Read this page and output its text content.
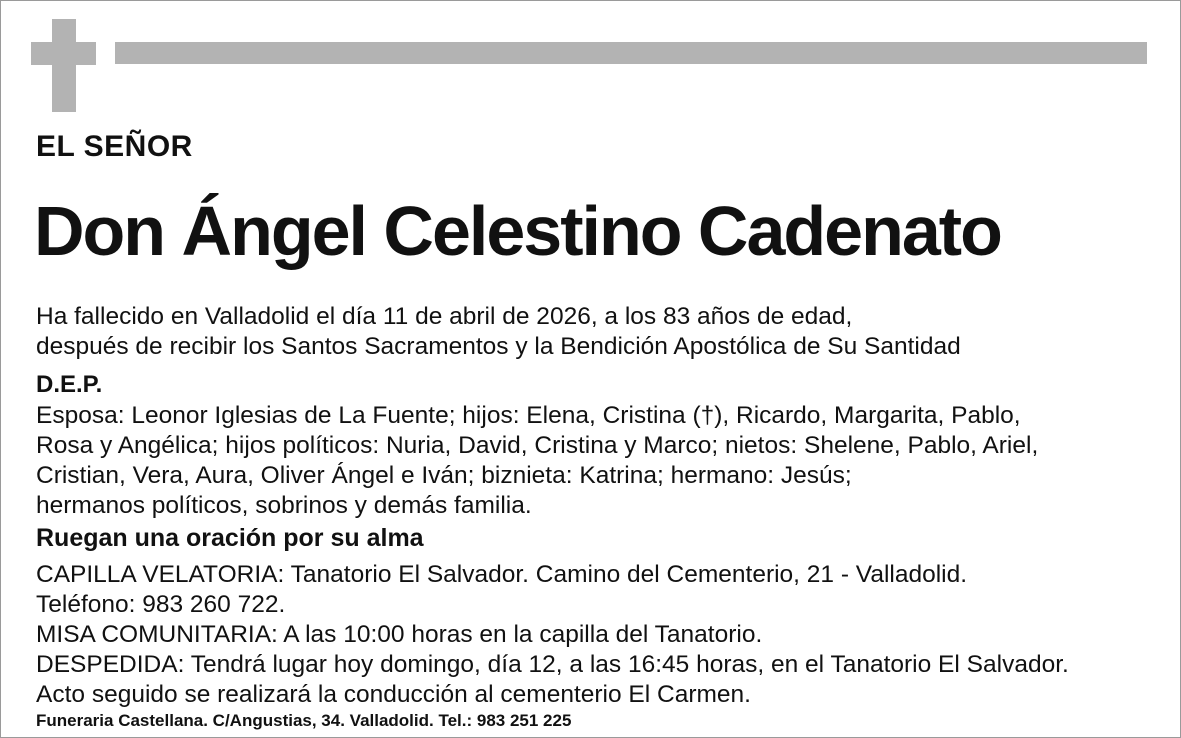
EL SEÑOR
Don Ángel Celestino Cadenato
Ha fallecido en Valladolid el día 11 de abril de 2026, a los 83 años de edad,
después de recibir los Santos Sacramentos y la Bendición Apostólica de Su Santidad
D.E.P.
Esposa: Leonor Iglesias de La Fuente; hijos: Elena, Cristina (†), Ricardo, Margarita, Pablo,
Rosa y Angélica; hijos políticos: Nuria, David, Cristina y Marco; nietos: Shelene, Pablo, Ariel,
Cristian, Vera, Aura, Oliver Ángel e Iván; biznieta: Katrina; hermano: Jesús;
hermanos políticos, sobrinos y demás familia.
Ruegan una oración por su alma
CAPILLA VELATORIA: Tanatorio El Salvador. Camino del Cementerio, 21 - Valladolid.
Teléfono: 983 260 722.
MISA COMUNITARIA: A las 10:00 horas en la capilla del Tanatorio.
DESPEDIDA: Tendrá lugar hoy domingo, día 12, a las 16:45 horas, en el Tanatorio El Salvador.
Acto seguido se realizará la conducción al cementerio El Carmen.
Funeraria Castellana. C/Angustias, 34. Valladolid. Tel.: 983 251 225
